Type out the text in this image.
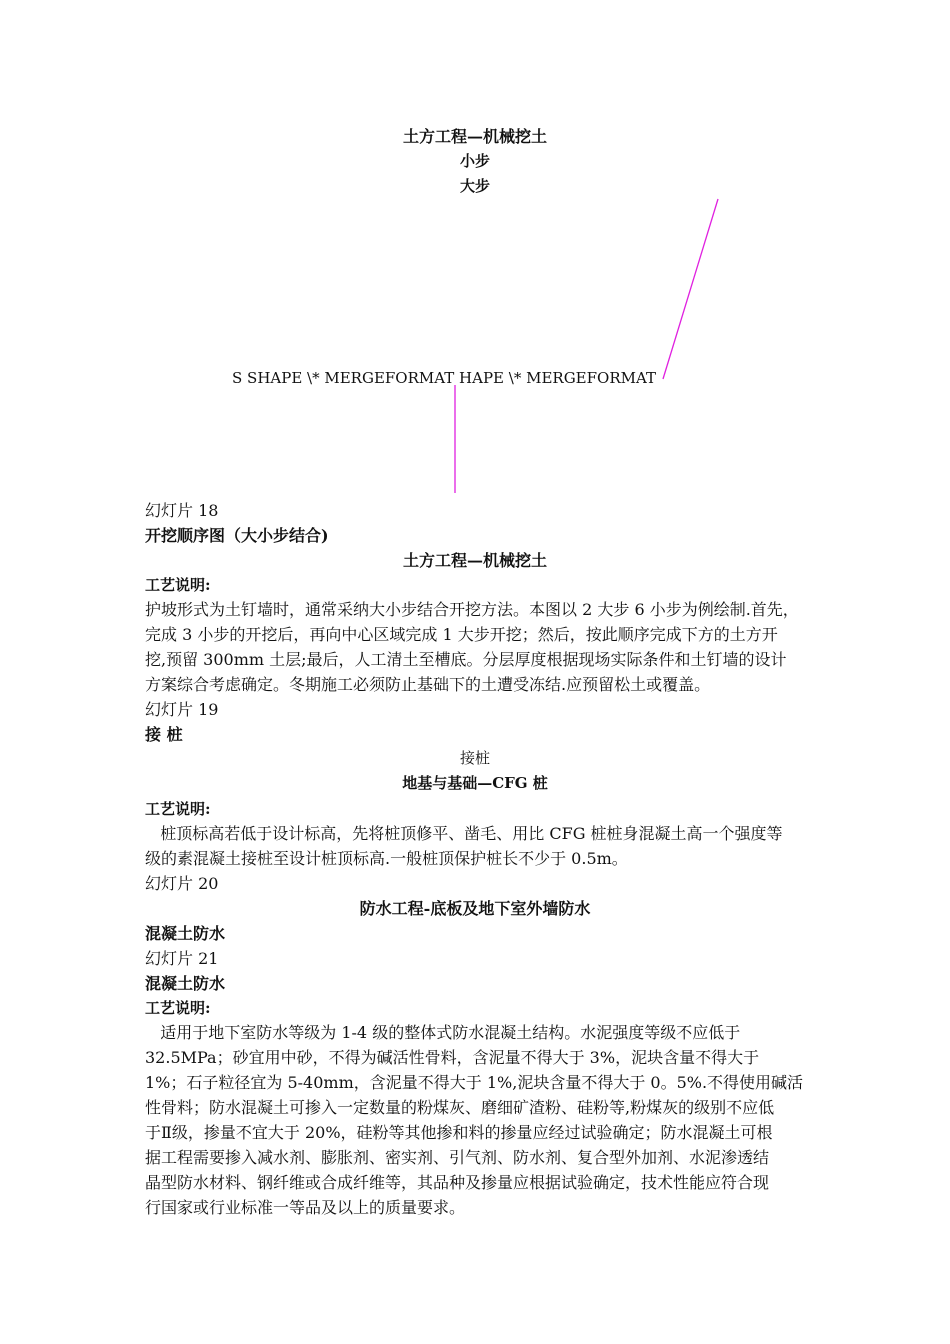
土方工程—机械挖土
小步
大步
S SHAPE \* MERGEFORMAT HAPE \* MERGEFORMAT
幻灯片 18
开挖顺序图（大小步结合)
土方工程—机械挖土
工艺说明:
护坡形式为土钉墙时，通常采纳大小步结合开挖方法。本图以 2 大步 6 小步为例绘制.首先，
完成 3 小步的开挖后，再向中心区域完成 1 大步开挖；然后，按此顺序完成下方的土方开
挖,预留 300mm 土层;最后，人工清土至槽底。分层厚度根据现场实际条件和土钉墙的设计
方案综合考虑确定。冬期施工必须防止基础下的土遭受冻结.应预留松土或覆盖。
幻灯片 19
接 桩
接桩
地基与基础—CFG 桩
工艺说明:
桩顶标高若低于设计标高，先将桩顶修平、凿毛、用比 CFG 桩桩身混凝土高一个强度等
级的素混凝土接桩至设计桩顶标高.一般桩顶保护桩长不少于 0.5m。
幻灯片 20
防水工程-底板及地下室外墙防水
混凝土防水
幻灯片 21
混凝土防水
工艺说明:
适用于地下室防水等级为 1-4 级的整体式防水混凝土结构。水泥强度等级不应低于
32.5MPa；砂宜用中砂，不得为碱活性骨料，含泥量不得大于 3%，泥块含量不得大于
1%；石子粒径宜为 5-40mm，含泥量不得大于 1%,泥块含量不得大于 0。5%.不得使用碱活
性骨料；防水混凝土可掺入一定数量的粉煤灰、磨细矿渣粉、硅粉等,粉煤灰的级别不应低
于Ⅱ级，掺量不宜大于 20%，硅粉等其他掺和料的掺量应经过试验确定；防水混凝土可根
据工程需要掺入减水剂、膨胀剂、密实剂、引气剂、防水剂、复合型外加剂、水泥渗透结
晶型防水材料、钢纤维或合成纤维等，其品种及掺量应根据试验确定，技术性能应符合现
行国家或行业标准一等品及以上的质量要求。
